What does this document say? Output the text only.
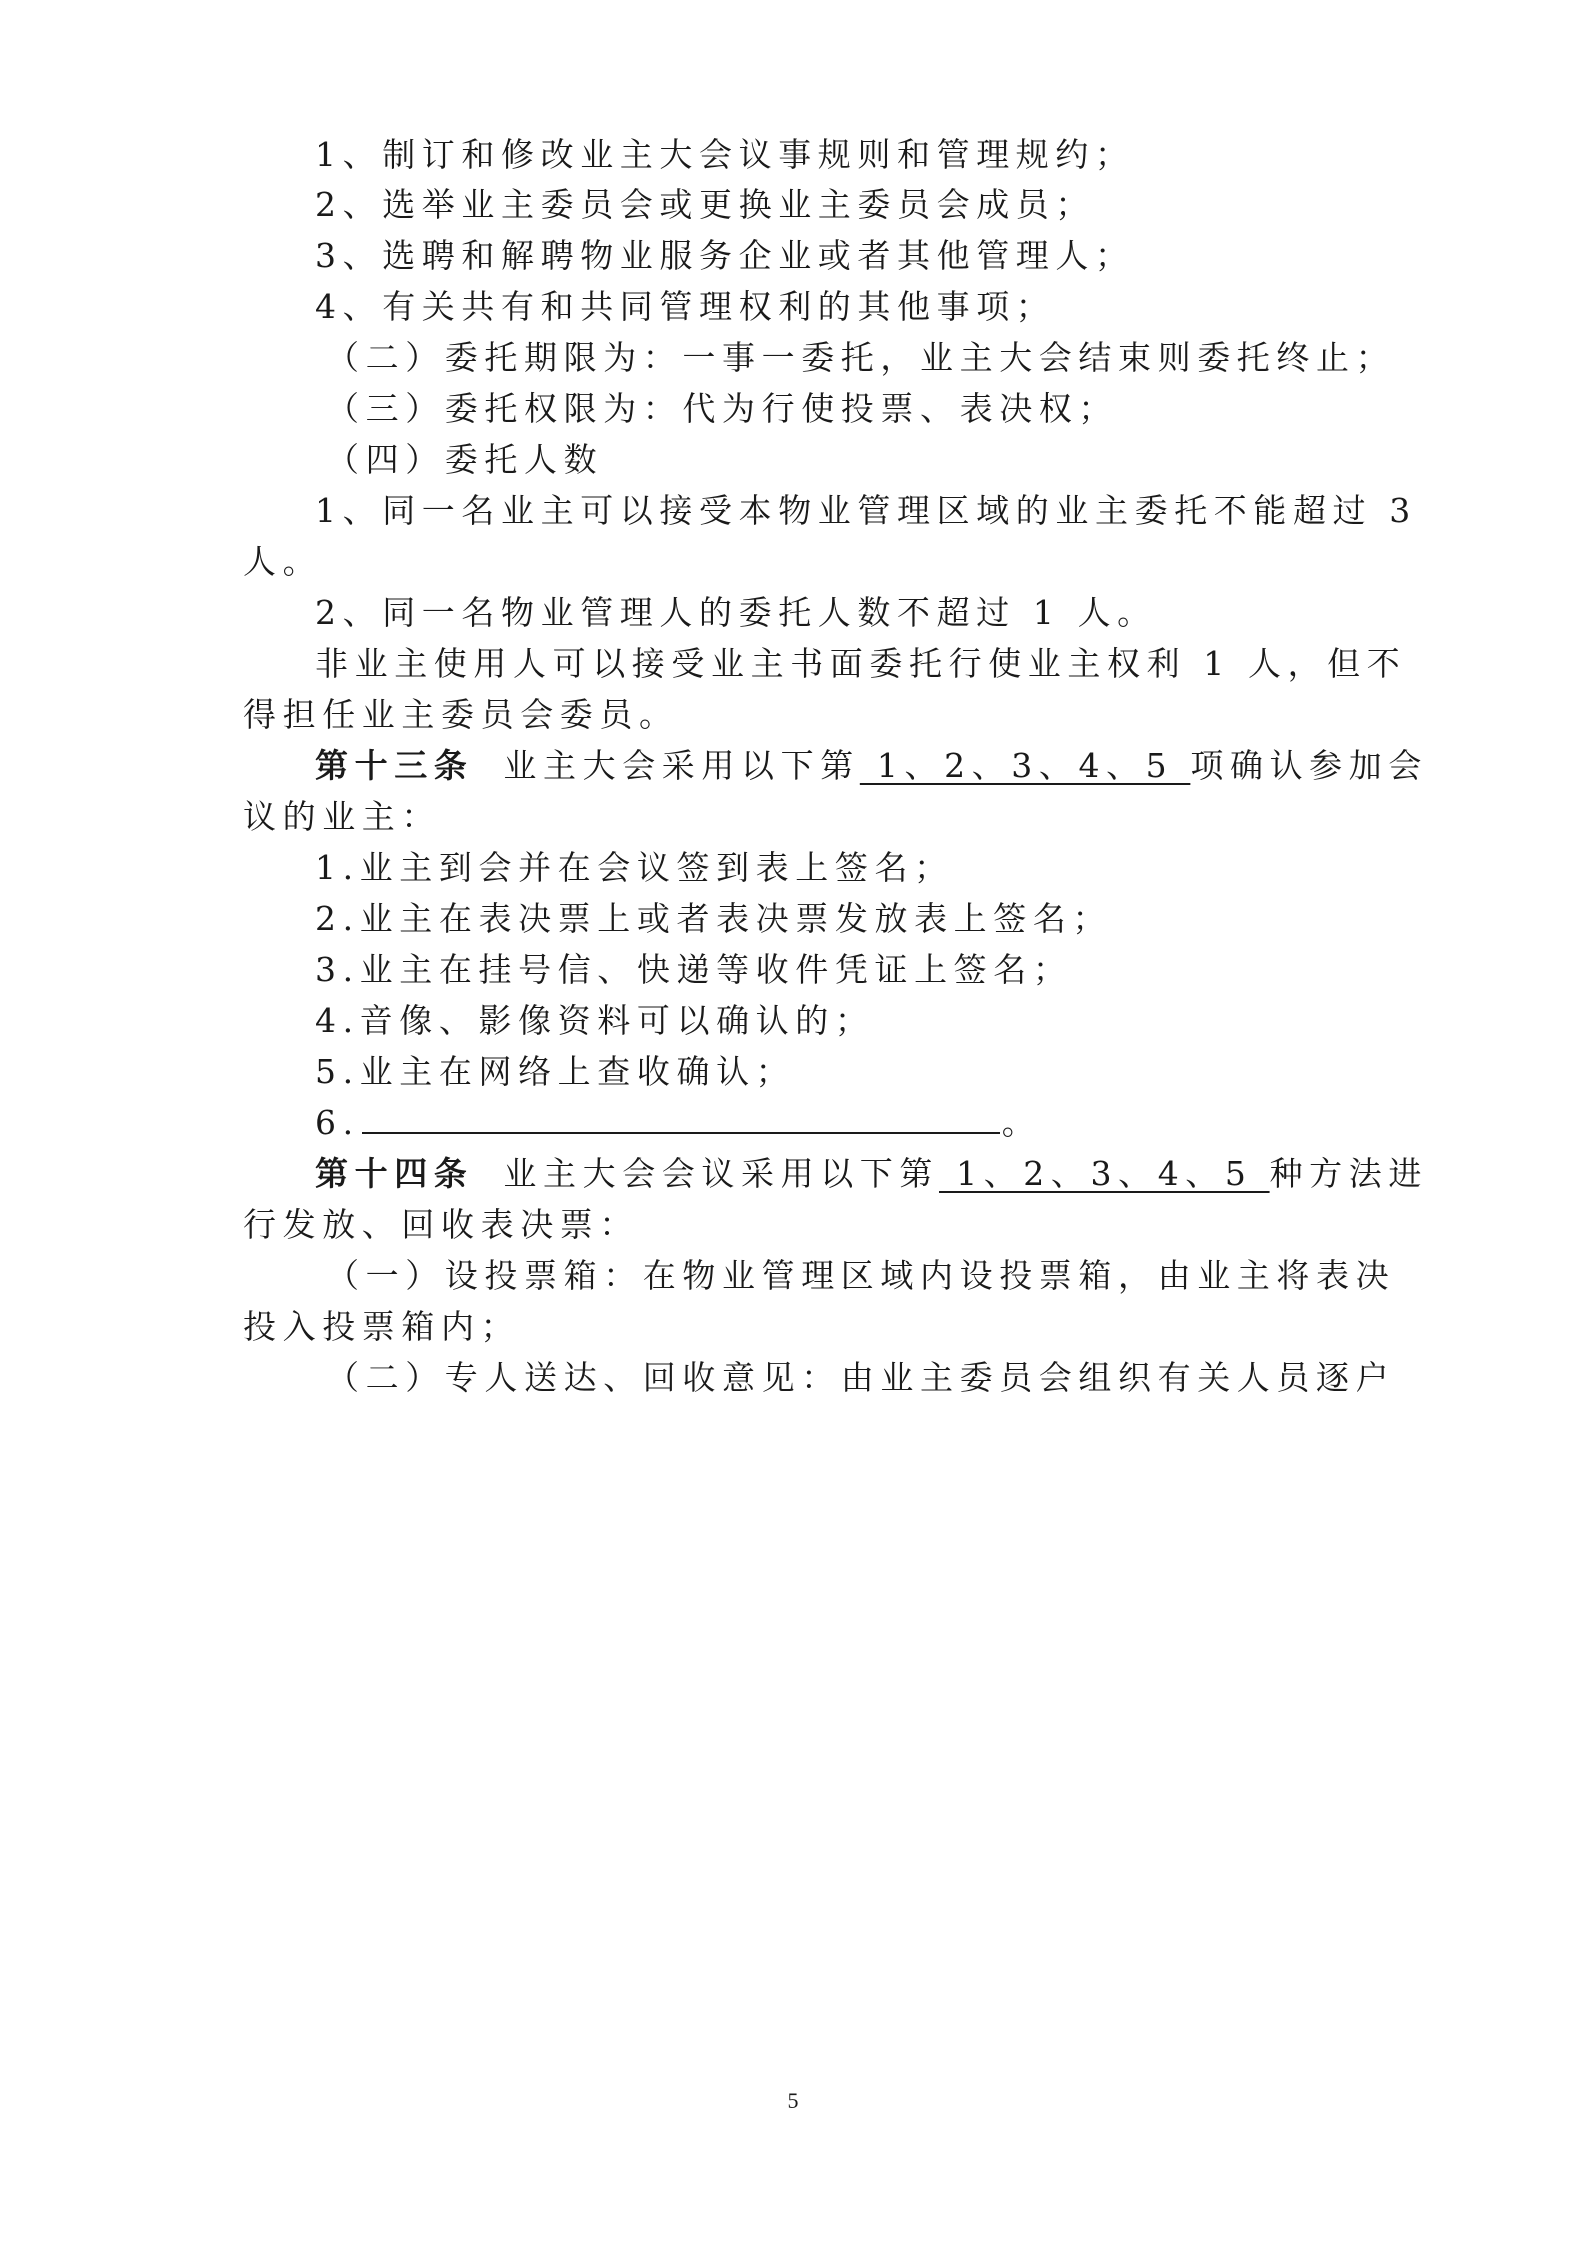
1、制订和修改业主大会议事规则和管理规约；
2、选举业主委员会或更换业主委员会成员；
3、选聘和解聘物业服务企业或者其他管理人；
4、有关共有和共同管理权利的其他事项；
（二）委托期限为：一事一委托，业主大会结束则委托终止；
（三）委托权限为：代为行使投票、表决权；
（四）委托人数
1、同一名业主可以接受本物业管理区域的业主委托不能超过 3
人。
2、同一名物业管理人的委托人数不超过 1 人。
非业主使用人可以接受业主书面委托行使业主权利 1 人，但不
得担任业主委员会委员。
第十三条 业主大会采用以下第 1、2、3、4、5 项确认参加会
议的业主：
1.业主到会并在会议签到表上签名；
2.业主在表决票上或者表决票发放表上签名；
3.业主在挂号信、快递等收件凭证上签名；
4.音像、影像资料可以确认的；
5.业主在网络上查收确认；
6.	。
第十四条 业主大会会议采用以下第 1、2、3、4、5 种方法进
行发放、回收表决票：
（一）设投票箱：在物业管理区域内设投票箱，由业主将表决
投入投票箱内；
（二）专人送达、回收意见：由业主委员会组织有关人员逐户
5
